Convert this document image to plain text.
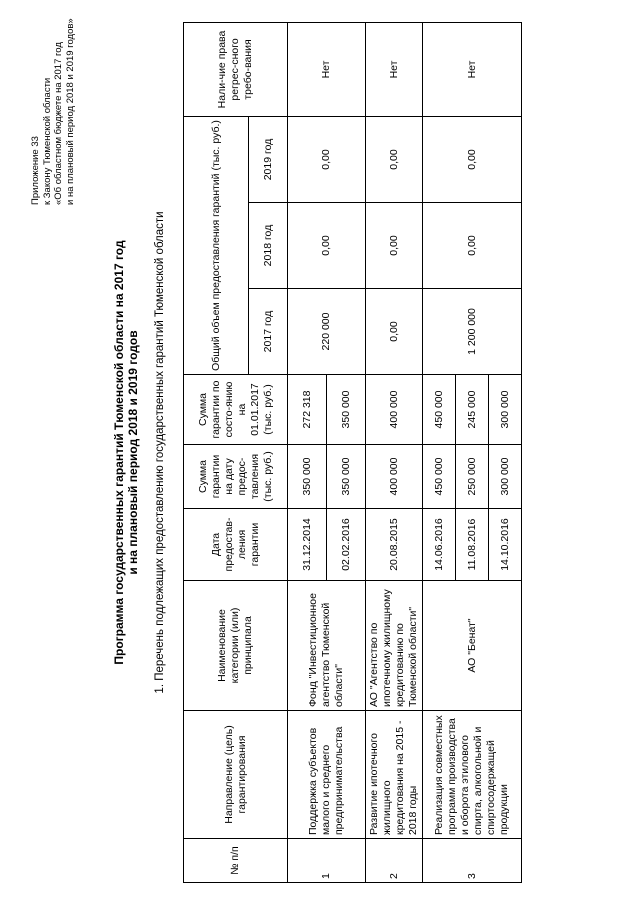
Приложение 33 к Закону Тюменской области «Об областном бюджете на 2017 год и на плановый период 2018 и 2019 годов»
Программа государственных гарантий Тюменской области на 2017 год и на плановый период 2018 и 2019 годов 1. Перечень подлежащих предоставлению государственных гарантий Тюменской области
№ п/п	Направление (цель) гарантирования	Наименование категории (или) принципала	Дата предостав-ления гарантии	Сумма гарантии на дату предос-тавления (тыс. руб.)	Сумма гарантии по состо-янию на 01.01.2017 (тыс. руб.)	Общий объем предоставления гарантий (тыс. руб.)			Нали-чие права регрес-сного требо-вания
						2017 год	2018 год	2019 год	
1	Поддержка субъектов малого и среднего предпринимательства	Фонд "Инвестиционное агентство Тюменской области"	31.12.2014	350 000	272 318	220 000	0,00	0,00	Нет
			02.02.2016	350 000	350 000				
2	Развитие ипотечного жилищного кредитования на 2015 - 2018 годы	АО "Агентство по ипотечному жилищному кредитованию по Тюменской области"	20.08.2015	400 000	400 000	0,00	0,00	0,00	Нет
3	Реализация совместных программ производства и оборота этилового спирта, алкогольной и спиртосодержащей продукции	АО "Бенат"	14.06.2016	450 000	450 000	1 200 000	0,00	0,00	Нет
			11.08.2016	250 000	245 000				
			14.10.2016	300 000	300 000				
